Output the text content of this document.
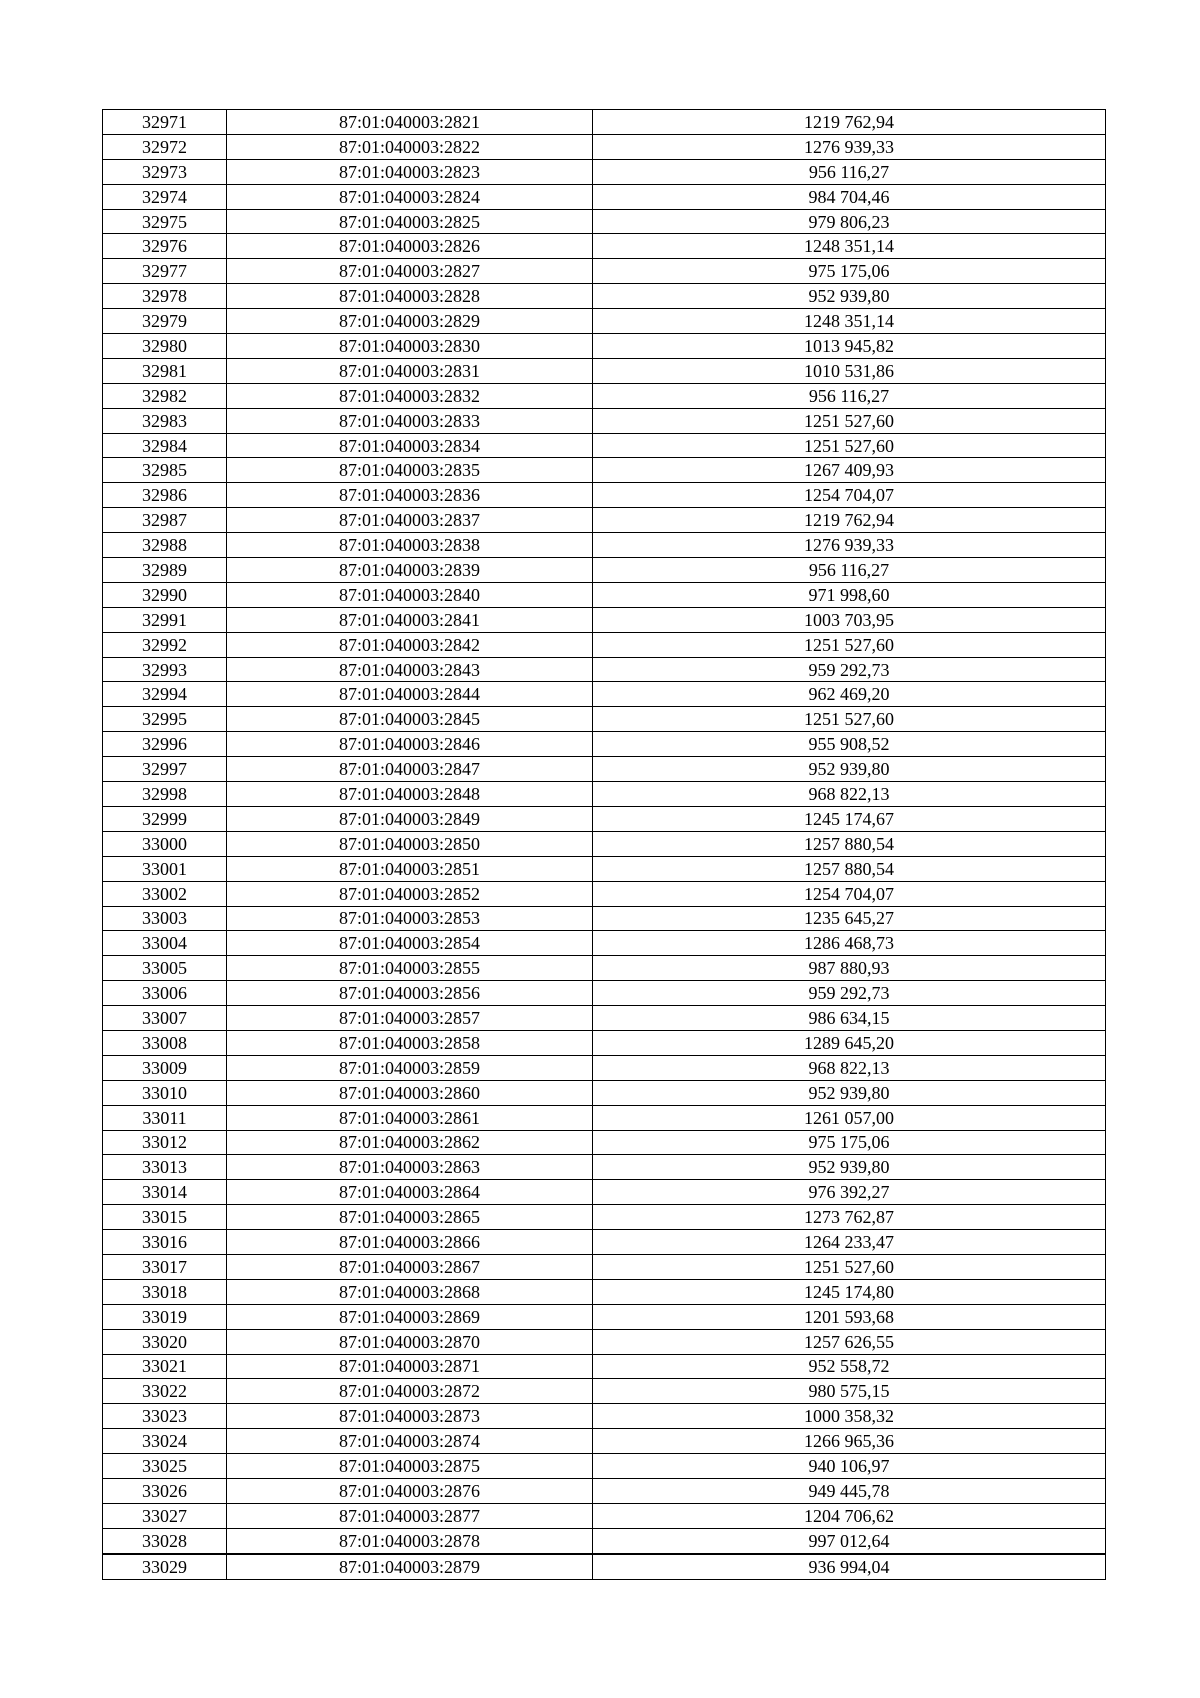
32971	87:01:040003:2821	1219 762,94
32972	87:01:040003:2822	1276 939,33
32973	87:01:040003:2823	956 116,27
32974	87:01:040003:2824	984 704,46
32975	87:01:040003:2825	979 806,23
32976	87:01:040003:2826	1248 351,14
32977	87:01:040003:2827	975 175,06
32978	87:01:040003:2828	952 939,80
32979	87:01:040003:2829	1248 351,14
32980	87:01:040003:2830	1013 945,82
32981	87:01:040003:2831	1010 531,86
32982	87:01:040003:2832	956 116,27
32983	87:01:040003:2833	1251 527,60
32984	87:01:040003:2834	1251 527,60
32985	87:01:040003:2835	1267 409,93
32986	87:01:040003:2836	1254 704,07
32987	87:01:040003:2837	1219 762,94
32988	87:01:040003:2838	1276 939,33
32989	87:01:040003:2839	956 116,27
32990	87:01:040003:2840	971 998,60
32991	87:01:040003:2841	1003 703,95
32992	87:01:040003:2842	1251 527,60
32993	87:01:040003:2843	959 292,73
32994	87:01:040003:2844	962 469,20
32995	87:01:040003:2845	1251 527,60
32996	87:01:040003:2846	955 908,52
32997	87:01:040003:2847	952 939,80
32998	87:01:040003:2848	968 822,13
32999	87:01:040003:2849	1245 174,67
33000	87:01:040003:2850	1257 880,54
33001	87:01:040003:2851	1257 880,54
33002	87:01:040003:2852	1254 704,07
33003	87:01:040003:2853	1235 645,27
33004	87:01:040003:2854	1286 468,73
33005	87:01:040003:2855	987 880,93
33006	87:01:040003:2856	959 292,73
33007	87:01:040003:2857	986 634,15
33008	87:01:040003:2858	1289 645,20
33009	87:01:040003:2859	968 822,13
33010	87:01:040003:2860	952 939,80
33011	87:01:040003:2861	1261 057,00
33012	87:01:040003:2862	975 175,06
33013	87:01:040003:2863	952 939,80
33014	87:01:040003:2864	976 392,27
33015	87:01:040003:2865	1273 762,87
33016	87:01:040003:2866	1264 233,47
33017	87:01:040003:2867	1251 527,60
33018	87:01:040003:2868	1245 174,80
33019	87:01:040003:2869	1201 593,68
33020	87:01:040003:2870	1257 626,55
33021	87:01:040003:2871	952 558,72
33022	87:01:040003:2872	980 575,15
33023	87:01:040003:2873	1000 358,32
33024	87:01:040003:2874	1266 965,36
33025	87:01:040003:2875	940 106,97
33026	87:01:040003:2876	949 445,78
33027	87:01:040003:2877	1204 706,62
33028	87:01:040003:2878	997 012,64
33029	87:01:040003:2879	936 994,04
